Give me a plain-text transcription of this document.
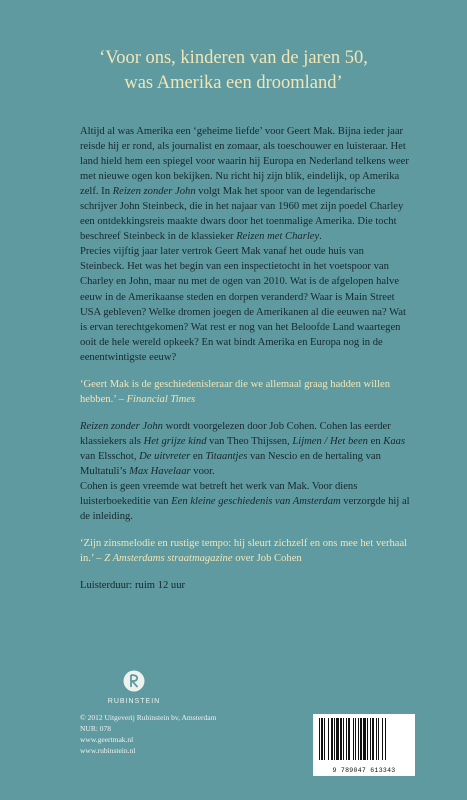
‘Voor ons, kinderen van de jaren 50,
was Amerika een droomland’

Altijd al was Amerika een ‘geheime liefde’ voor Geert Mak. Bijna ieder jaar reisde hij er rond, als journalist en zomaar, als toeschouwer en luisteraar. Het land hield hem een spiegel voor waarin hij Europa en Nederland telkens weer met nieuwe ogen kon bekijken. Nu richt hij zijn blik, eindelijk, op Amerika zelf. In Reizen zonder John volgt Mak het spoor van de legendarische schrijver John Steinbeck, die in het najaar van 1960 met zijn poedel Charley een ontdekkingsreis maakte dwars door het toenmalige Amerika. Die tocht beschreef Steinbeck in de klassieker Reizen met Charley.

Precies vijftig jaar later vertrok Geert Mak vanaf het oude huis van Steinbeck. Het was het begin van een inspectietocht in het voetspoor van Charley en John, maar nu met de ogen van 2010. Wat is de afgelopen halve eeuw in de Amerikaanse steden en dorpen veranderd? Waar is Main Street USA gebleven? Welke dromen joegen de Amerikanen al die eeuwen na? Wat is ervan terechtgekomen? Wat rest er nog van het Beloofde Land waartegen ooit de hele wereld opkeek? En wat bindt Amerika en Europa nog in de eenentwintigste eeuw?

‘Geert Mak is de geschiedenisleraar die we allemaal graag hadden willen hebben.’ – Financial Times

Reizen zonder John wordt voorgelezen door Job Cohen. Cohen las eerder klassiekers als Het grijze kind van Theo Thijssen, Lijmen / Het been en Kaas van Elsschot, De uitvreter en Titaantjes van Nescio en de hertaling van Multatuli’s Max Havelaar voor.

Cohen is geen vreemde wat betreft het werk van Mak. Voor diens luisterboekeditie van Een kleine geschiedenis van Amsterdam verzorgde hij al de inleiding.

‘Zijn zinsmelodie en rustige tempo: hij sleurt zichzelf en ons mee het verhaal in.’ – Z Amsterdams straatmagazine over Job Cohen

Luisterduur: ruim 12 uur

RUBINSTEIN
© 2012 Uitgeverij Rubinstein bv, Amsterdam
NUR: 078
www.geertmak.nl
www.rubinstein.nl
9 789047 613343
